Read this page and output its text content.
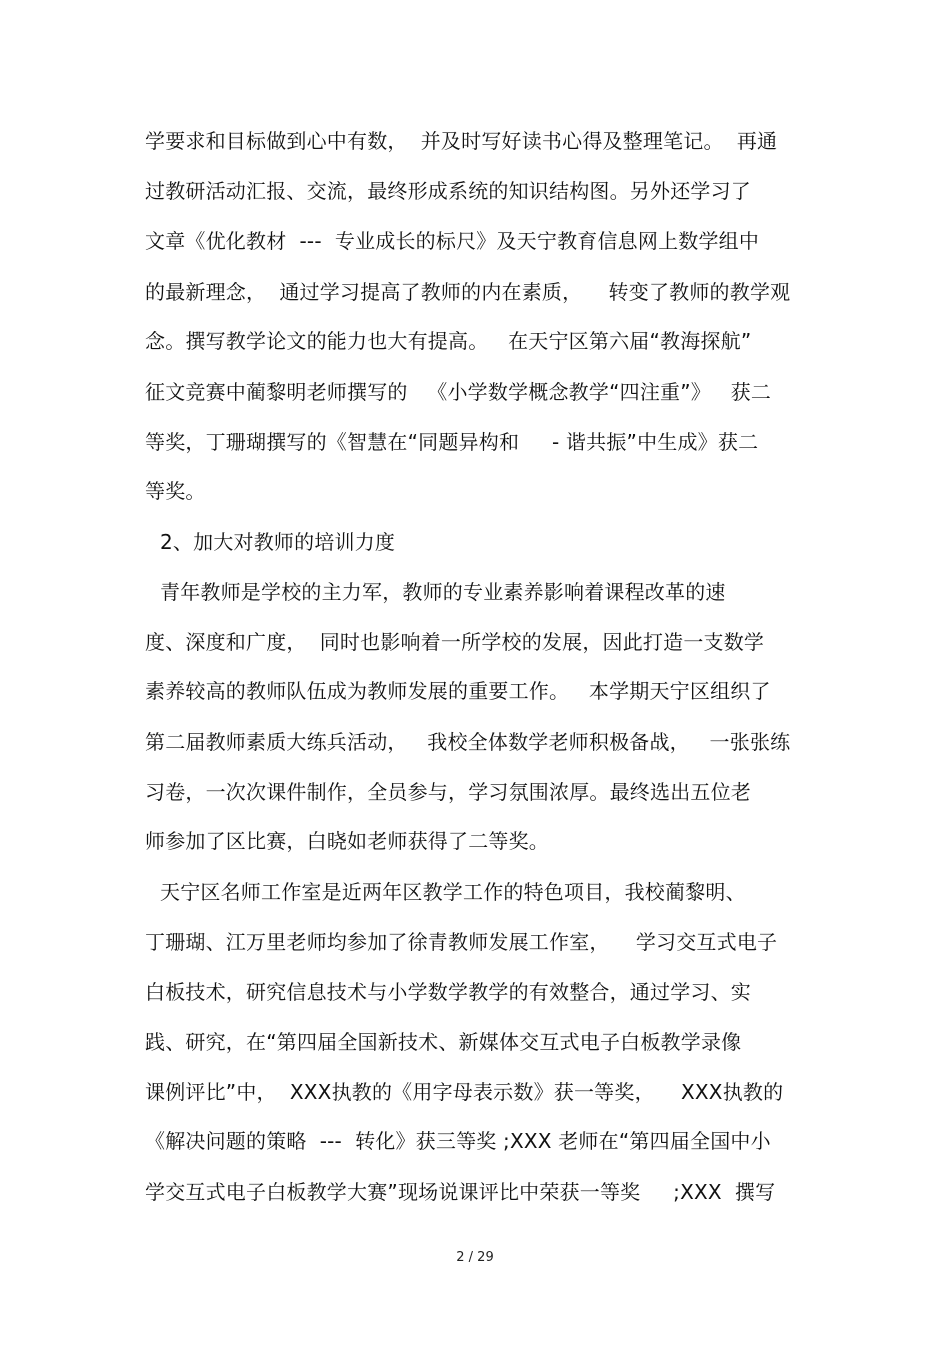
学要求和目标做到心中有数，  并及时写好读书心得及整理笔记。  再通
过教研活动汇报、交流，最终形成系统的知识结构图。另外还学习了
文章《优化教材  ---  专业成长的标尺》及天宁教育信息网上数学组中
的最新理念，  通过学习提高了教师的内在素质，    转变了教师的教学观
念。撰写教学论文的能力也大有提高。   在天宁区第六届“教海探航”
征文竞赛中蔺黎明老师撰写的   《小学数学概念教学“四注重”》   获二
等奖，丁珊瑚撰写的《智慧在“同题异构和     - 谐共振”中生成》获二
等奖。
2、加大对教师的培训力度
青年教师是学校的主力军，教师的专业素养影响着课程改革的速
度、深度和广度，  同时也影响着一所学校的发展，因此打造一支数学
素养较高的教师队伍成为教师发展的重要工作。   本学期天宁区组织了
第二届教师素质大练兵活动，   我校全体数学老师积极备战，   一张张练
习卷，一次次课件制作，全员参与，学习氛围浓厚。最终选出五位老
师参加了区比赛，白晓如老师获得了二等奖。
天宁区名师工作室是近两年区教学工作的特色项目，我校蔺黎明、
丁珊瑚、江万里老师均参加了徐青教师发展工作室，    学习交互式电子
白板技术，研究信息技术与小学数学教学的有效整合，通过学习、实
践、研究，在“第四届全国新技术、新媒体交互式电子白板教学录像
课例评比”中，  XXX执教的《用字母表示数》获一等奖，    XXX执教的
《解决问题的策略  ---  转化》获三等奖 ;XXX 老师在“第四届全国中小
学交互式电子白板教学大赛”现场说课评比中荣获一等奖     ;XXX  撰写
2 / 29
